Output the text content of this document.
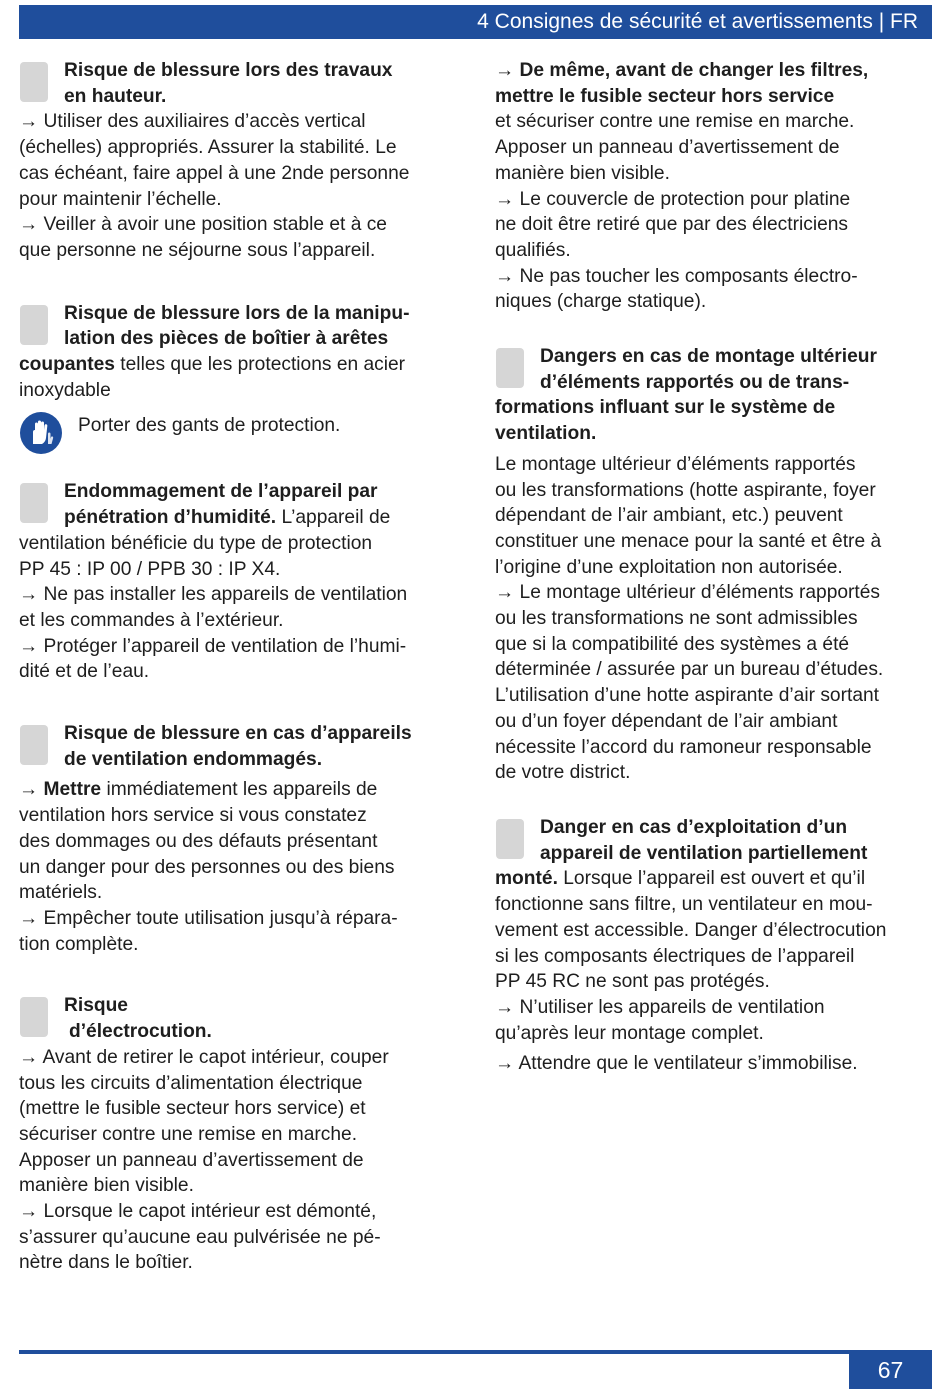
4 Consignes de sécurité et avertissements | FR
Risque de blessure lors des travaux
en hauteur.
→ Utiliser des auxiliaires d’accès vertical
(échelles) appropriés. Assurer la stabilité. Le
cas échéant, faire appel à une 2nde personne
pour maintenir l’échelle.
→ Veiller à avoir une position stable et à ce
que personne ne séjourne sous l’appareil.
Risque de blessure lors de la manipu-
lation des pièces de boîtier à arêtes
coupantes telles que les protections en acier
inoxydable
Porter des gants de protection.
Endommagement de l’appareil par
pénétration d’humidité. L’appareil de
ventilation bénéficie du type de protection
PP 45 : IP 00 / PPB 30 : IP X4.
→ Ne pas installer les appareils de ventilation
et les commandes à l’extérieur.
→ Protéger l’appareil de ventilation de l’humi-
dité et de l’eau.
Risque de blessure en cas d’appareils
de ventilation endommagés.
→ Mettre immédiatement les appareils de
ventilation hors service si vous constatez
des dommages ou des défauts présentant
un danger pour des personnes ou des biens
matériels.
→ Empêcher toute utilisation jusqu’à répara-
tion complète.
Risque
d’électrocution.
→ Avant de retirer le capot intérieur, couper
tous les circuits d’alimentation électrique
(mettre le fusible secteur hors service) et
sécuriser contre une remise en marche.
Apposer un panneau d’avertissement de
manière bien visible.
→ Lorsque le capot intérieur est démonté,
s’assurer qu’aucune eau pulvérisée ne pé-
nètre dans le boîtier.
→ De même, avant de changer les filtres,
mettre le fusible secteur hors service
et sécuriser contre une remise en marche.
Apposer un panneau d’avertissement de
manière bien visible.
→ Le couvercle de protection pour platine
ne doit être retiré que par des électriciens
qualifiés.
→ Ne pas toucher les composants électro-
niques (charge statique).
Dangers en cas de montage ultérieur
d’éléments rapportés ou de trans-
formations influant sur le système de
ventilation.
Le montage ultérieur d’éléments rapportés
ou les transformations (hotte aspirante, foyer
dépendant de l’air ambiant, etc.) peuvent
constituer une menace pour la santé et être à
l’origine d’une exploitation non autorisée.
→ Le montage ultérieur d’éléments rapportés
ou les transformations ne sont admissibles
que si la compatibilité des systèmes a été
déterminée / assurée par un bureau d’études.
L’utilisation d’une hotte aspirante d’air sortant
ou d’un foyer dépendant de l’air ambiant
nécessite l’accord du ramoneur responsable
de votre district.
Danger en cas d’exploitation d’un
appareil de ventilation partiellement
monté. Lorsque l’appareil est ouvert et qu’il
fonctionne sans filtre, un ventilateur en mou-
vement est accessible. Danger d’électrocution
si les composants électriques de l’appareil
PP 45 RC ne sont pas protégés.
→ N’utiliser les appareils de ventilation
qu’après leur montage complet.
→ Attendre que le ventilateur s’immobilise.
67
